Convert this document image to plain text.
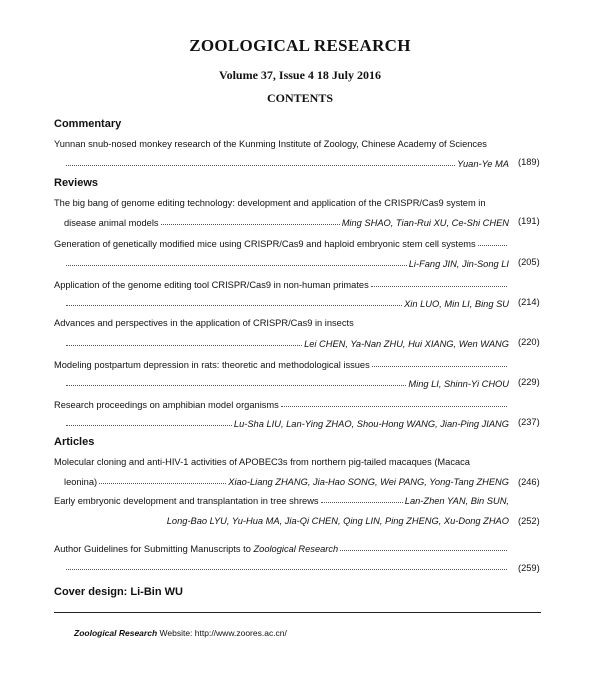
ZOOLOGICAL RESEARCH
Volume 37, Issue 4 18 July 2016
CONTENTS
Commentary
Yunnan snub-nosed monkey research of the Kunming Institute of Zoology, Chinese Academy of Sciences
Yuan-Ye MA (189)
Reviews
The big bang of genome editing technology: development and application of the CRISPR/Cas9 system in
disease animal models	Ming SHAO, Tian-Rui XU, Ce-Shi CHEN (191)
Generation of genetically modified mice using CRISPR/Cas9 and haploid embryonic stem cell systems
Li-Fang JIN, Jin-Song LI (205)
Application of the genome editing tool CRISPR/Cas9 in non-human primates
Xin LUO, Min LI, Bing SU (214)
Advances and perspectives in the application of CRISPR/Cas9 in insects
Lei CHEN, Ya-Nan ZHU, Hui XIANG, Wen WANG (220)
Modeling postpartum depression in rats: theoretic and methodological issues
Ming LI, Shinn-Yi CHOU (229)
Research proceedings on amphibian model organisms
Lu-Sha LIU, Lan-Ying ZHAO, Shou-Hong WANG, Jian-Ping JIANG (237)
Articles
Molecular cloning and anti-HIV-1 activities of APOBEC3s from northern pig-tailed macaques (Macaca
leonina)	Xiao-Liang ZHANG, Jia-Hao SONG, Wei PANG, Yong-Tang ZHENG (246)
Early embryonic development and transplantation in tree shrews	Lan-Zhen YAN, Bin SUN,
Long-Bao LYU, Yu-Hua MA, Jia-Qi CHEN, Qing LIN, Ping ZHENG, Xu-Dong ZHAO (252)
Author Guidelines for Submitting Manuscripts to Zoological Research
(259)
Cover design: Li-Bin WU
Zoological Research Website: http://www.zoores.ac.cn/
